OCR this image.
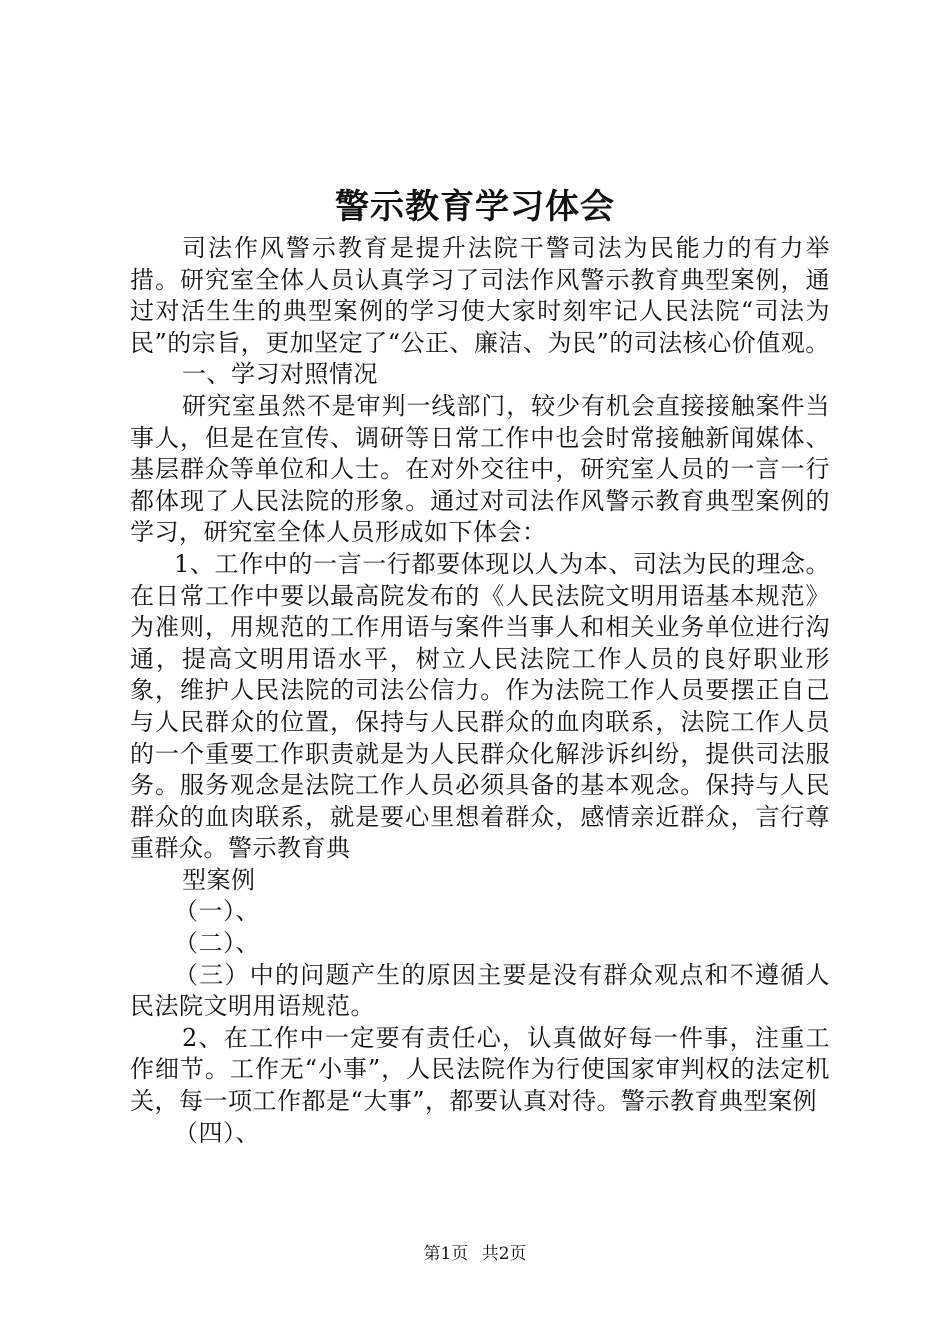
警示教育学习体会

司法作风警示教育是提升法院干警司法为民能力的有力举措。研究室全体人员认真学习了司法作风警示教育典型案例，通过对活生生的典型案例的学习使大家时刻牢记人民法院“司法为民”的宗旨，更加坚定了“公正、廉洁、为民”的司法核心价值观。

一、学习对照情况

研究室虽然不是审判一线部门，较少有机会直接接触案件当事人，但是在宣传、调研等日常工作中也会时常接触新闻媒体、基层群众等单位和人士。在对外交往中，研究室人员的一言一行都体现了人民法院的形象。通过对司法作风警示教育典型案例的学习，研究室全体人员形成如下体会：

1、工作中的一言一行都要体现以人为本、司法为民的理念。在日常工作中要以最高院发布的《人民法院文明用语基本规范》为准则，用规范的工作用语与案件当事人和相关业务单位进行沟通，提高文明用语水平，树立人民法院工作人员的良好职业形象，维护人民法院的司法公信力。作为法院工作人员要摆正自己与人民群众的位置，保持与人民群众的血肉联系，法院工作人员的一个重要工作职责就是为人民群众化解涉诉纠纷，提供司法服务。服务观念是法院工作人员必须具备的基本观念。保持与人民群众的血肉联系，就是要心里想着群众，感情亲近群众，言行尊重群众。警示教育典

型案例

（一）、

（二）、

（三）中的问题产生的原因主要是没有群众观点和不遵循人民法院文明用语规范。

2、在工作中一定要有责任心，认真做好每一件事，注重工作细节。工作无“小事”，人民法院作为行使国家审判权的法定机关，每一项工作都是“大事”，都要认真对待。警示教育典型案例

（四）、

第1页 共2页
